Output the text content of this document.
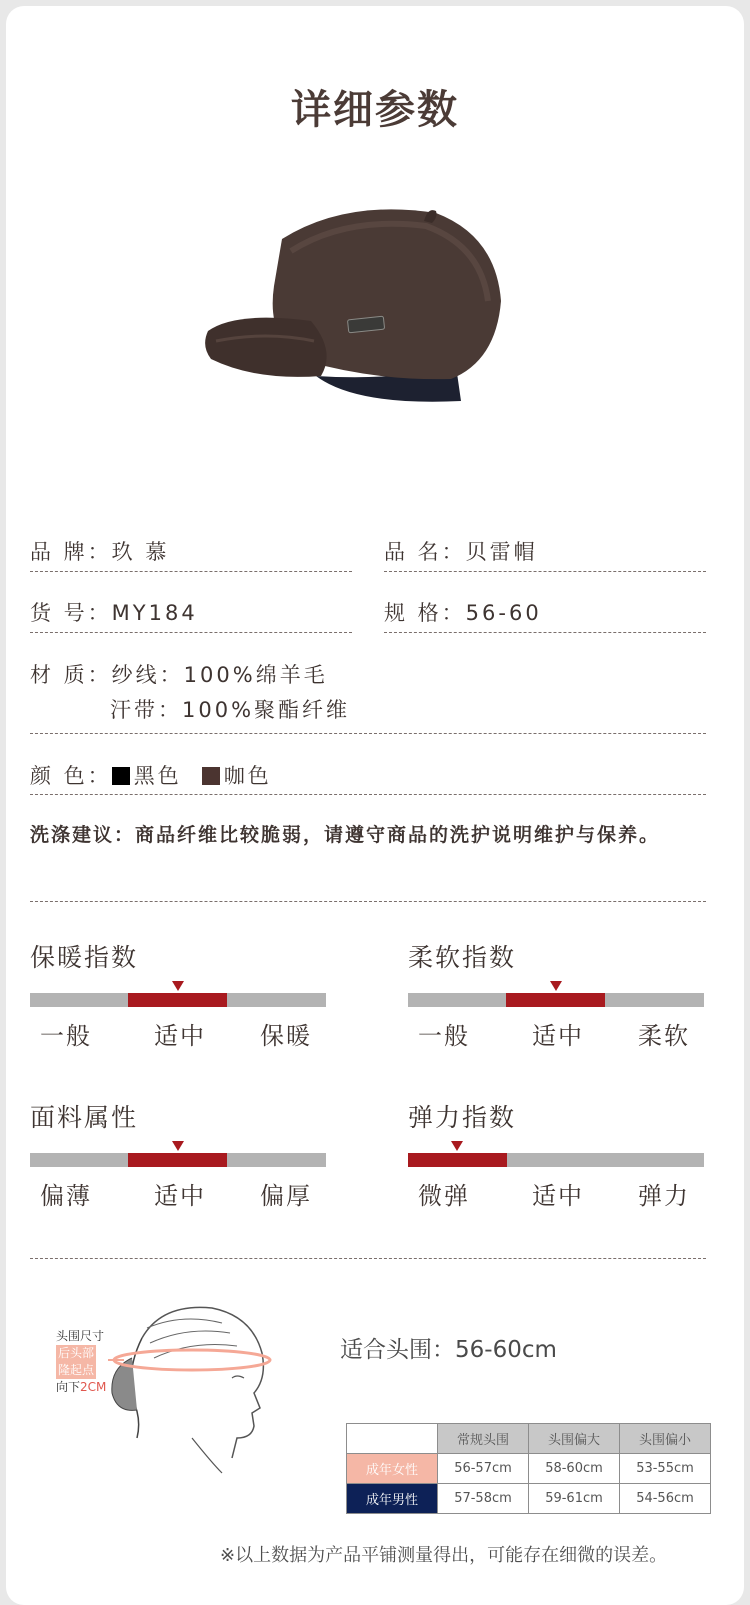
详细参数
品 牌：玖 慕	品 名：贝雷帽
货 号：MY184	规 格：56-60
材 质：纱线：100%绵羊毛
汗带：100%聚酯纤维
颜 色： 黑色 咖色
洗涤建议：商品纤维比较脆弱，请遵守商品的洗护说明维护与保养。
保暖指数
一般	适中 保暖
柔软指数
一般	适中 柔软
面料属性
偏薄	适中 偏厚
弹力指数
微弹	适中 弹力
头围尺寸
后头部
隆起点
向下2CM
适合头围：56-60cm
	常规头围	头围偏大	头围偏小
成年女性	56-57cm	58-60cm	53-55cm
成年男性	57-58cm	59-61cm	54-56cm
※以上数据为产品平铺测量得出，可能存在细微的误差。
